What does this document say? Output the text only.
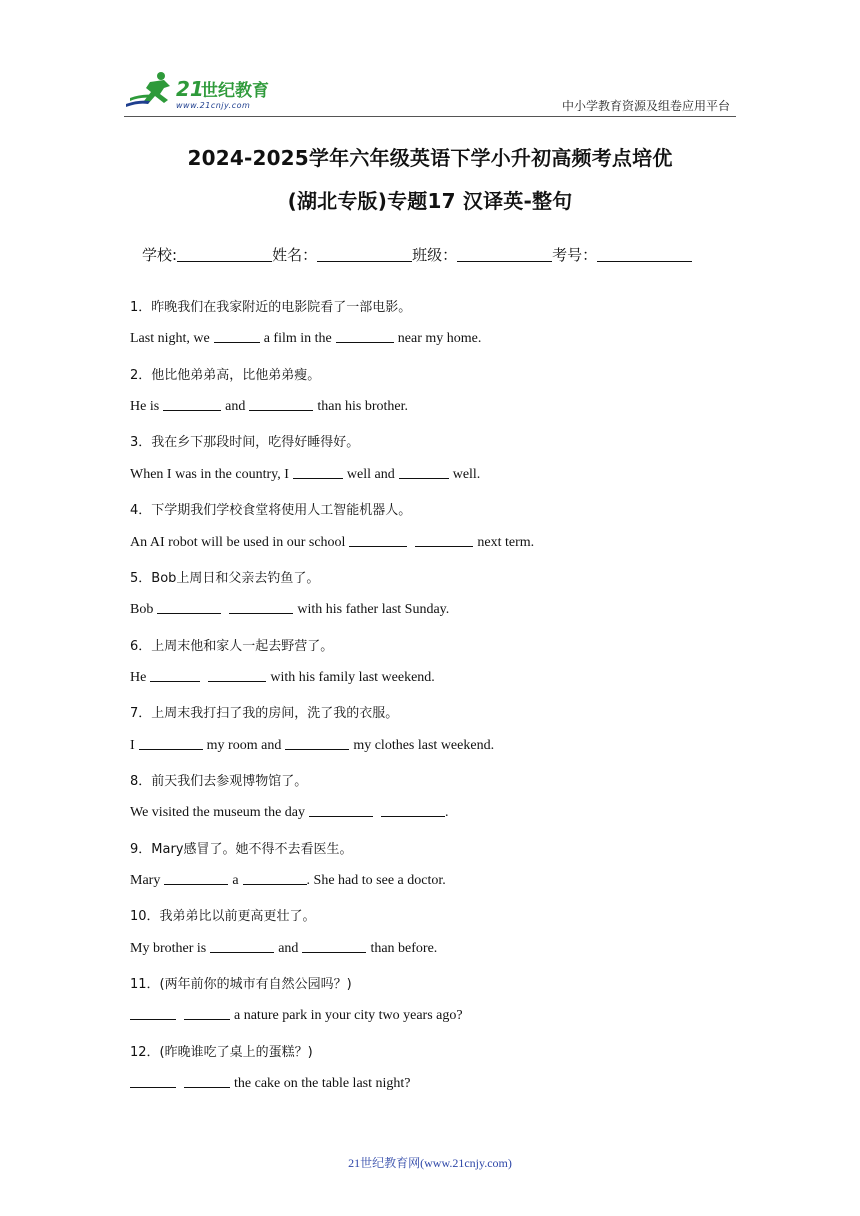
21
世纪教育
www.21cnjy.com	中小学教育资源及组卷应用平台
2024-2025学年六年级英语下学小升初高频考点培优
(湖北专版)专题17 汉译英-整句
学校:	姓名：	班级：	考号：
1．昨晚我们在我家附近的电影院看了一部电影。
Last night, we	a film in the	near my home.
2．他比他弟弟高，比他弟弟瘦。
He is	and	than his brother.
3．我在乡下那段时间，吃得好睡得好。
When I was in the country, I	well and	well.
4．下学期我们学校食堂将使用人工智能机器人。
An AI robot will be used in our school	next term.
5．Bob上周日和父亲去钓鱼了。
Bob	with his father last Sunday.
6．上周末他和家人一起去野营了。
He	with his family last weekend.
7．上周末我打扫了我的房间，洗了我的衣服。
I	my room and	my clothes last weekend.
8．前天我们去参观博物馆了。
We visited the museum the day	.
9．Mary感冒了。她不得不去看医生。
Mary	a	. She had to see a doctor.
10．我弟弟比以前更高更壮了。
My brother is	and	than before.
11．(两年前你的城市有自然公园吗？)
a nature park in your city two years ago?
12．(昨晚谁吃了桌上的蛋糕？)
the cake on the table last night?
21世纪教育网(www.21cnjy.com)
